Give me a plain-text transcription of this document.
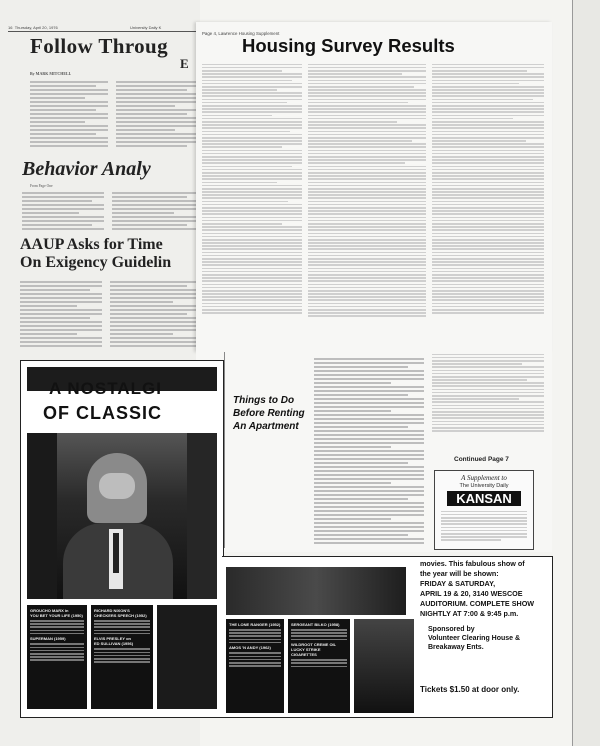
16 Thursday, April 20, 1976	University Daily K
Follow Throug
E
By MARK MITCHELL
Behavior Analy
From Page One
AAUP Asks for Time
On Exigency Guidelin
Page 4, Lawrence Housing Supplement
Housing Survey Results
Things to Do
Before Renting
An Apartment
Continued Page 7
A Supplement to
The University Daily
KANSAN
A NOSTALGI
OF CLASSIC
GROUCHO MARX in
YOU BET YOUR LIFE (1950)
SUPERMAN (1959)
RICHARD NIXON'S
CHECKERS SPEECH (1952)
ELVIS PRESLEY on
ED SULLIVAN (1956)
movies. This fabulous show of
the year will be shown:
FRIDAY & SATURDAY,
APRIL 19 & 20, 3140 WESCOE
AUDITORIUM. COMPLETE SHOW
NIGHTLY AT 7:00 & 9:45 p.m.
Sponsored by
Volunteer Clearing House &
Breakaway Ents.
Tickets $1.50 at door only.
THE LONE RANGER (1952)
AMOS 'N ANDY (1962)
SERGEANT BILKO (1958)
WILDROOT CREME OIL
LUCKY STRIKE CIGARETTES
